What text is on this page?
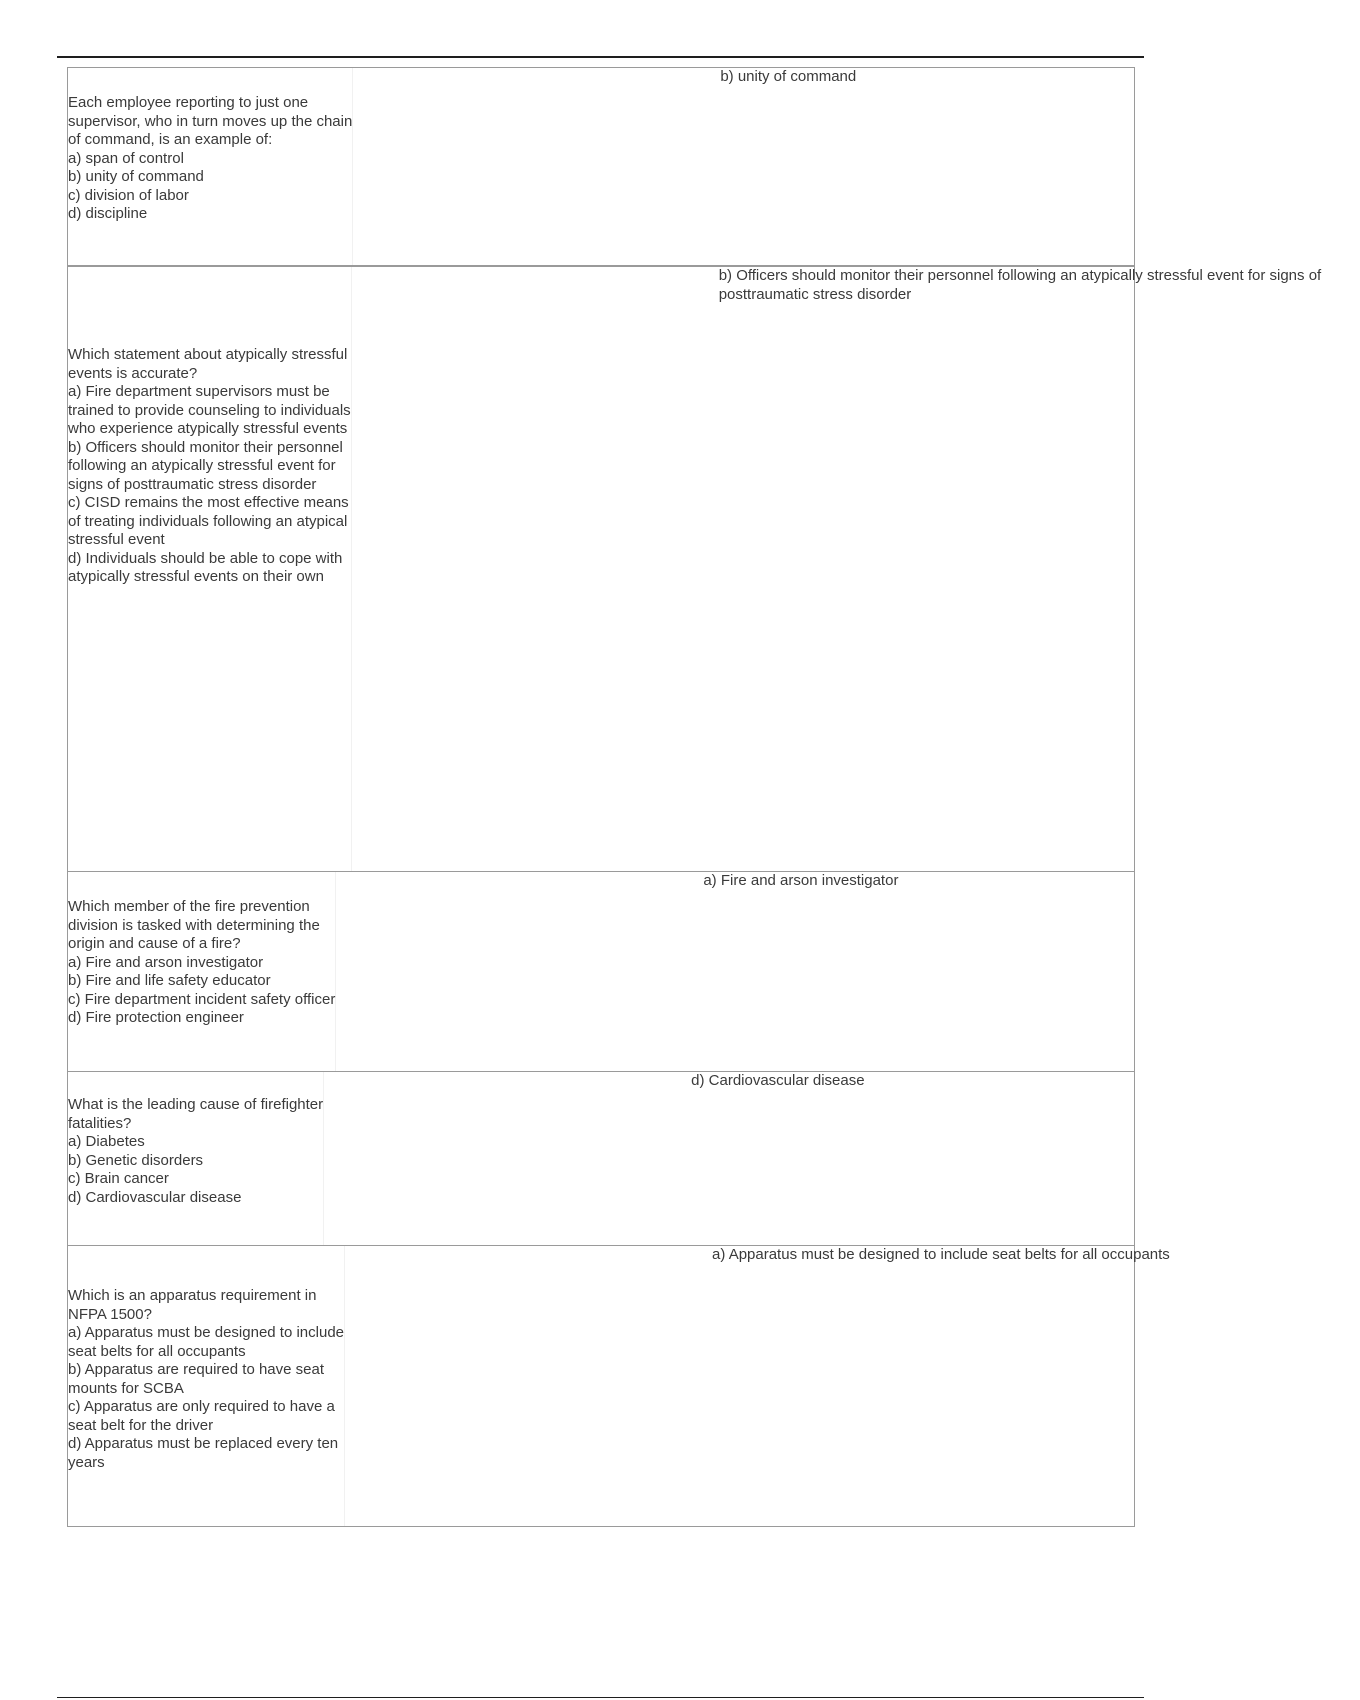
Each employee reporting to just one
supervisor, who in turn moves up the chain
of command, is an example of:
a) span of control
b) unity of command
c) division of labor
d) discipline
b) unity of command
Which statement about atypically stressful
events is accurate?
a) Fire department supervisors must be
trained to provide counseling to individuals
who experience atypically stressful events
b) Officers should monitor their personnel
following an atypically stressful event for
signs of posttraumatic stress disorder
c) CISD remains the most effective means
of treating individuals following an atypical
stressful event
d) Individuals should be able to cope with
atypically stressful events on their own
b) Officers should monitor their personnel following an atypically stressful event for signs of posttraumatic stress disorder
Which member of the fire prevention
division is tasked with determining the
origin and cause of a fire?
a) Fire and arson investigator
b) Fire and life safety educator
c) Fire department incident safety officer
d) Fire protection engineer
a) Fire and arson investigator
What is the leading cause of firefighter
fatalities?
a) Diabetes
b) Genetic disorders
c) Brain cancer
d) Cardiovascular disease
d) Cardiovascular disease
Which is an apparatus requirement in
NFPA 1500?
a) Apparatus must be designed to include
seat belts for all occupants
b) Apparatus are required to have seat
mounts for SCBA
c) Apparatus are only required to have a
seat belt for the driver
d) Apparatus must be replaced every ten
years
a) Apparatus must be designed to include seat belts for all occupants
